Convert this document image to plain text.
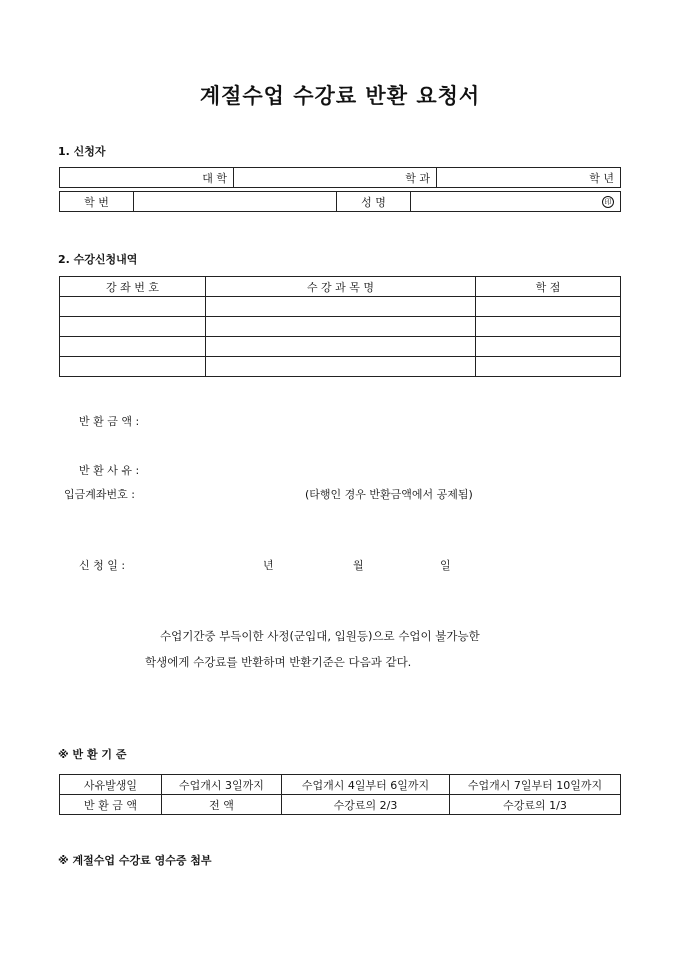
계절수업 수강료 반환 요청서
1. 신청자
대 학	학 과	학 년
학 번		성 명	印
2. 수강신청내역
강 좌 번 호	수 강 과 목 명	학 점

반 환 금 액 :
반 환 사 유 :
입금계좌번호 :	(타행인 경우 반환금액에서 공제됨)
신 청 일 :	년	월	일
수업기간중 부득이한 사정(군입대, 입원등)으로 수업이 불가능한
학생에게 수강료를 반환하며 반환기준은 다음과 같다.
※ 반 환 기 준
사유발생일	수업개시 3일까지	수업개시 4일부터 6일까지	수업개시 7일부터 10일까지
반 환 금 액	전 액	수강료의 2/3	수강료의 1/3
※ 계절수업 수강료 영수증 첨부
